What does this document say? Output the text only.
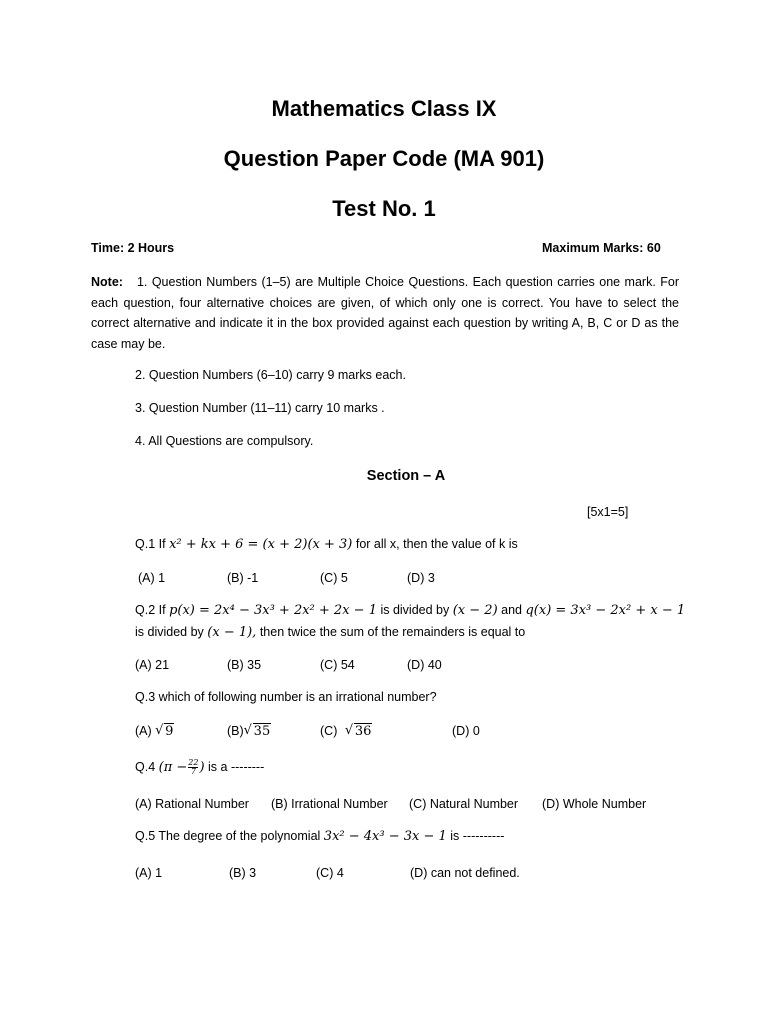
Mathematics Class IX
Question Paper Code (MA 901)
Test No. 1
Time: 2 Hours	Maximum Marks: 60
Note: 1. Question Numbers (1–5) are Multiple Choice Questions. Each question carries one mark. For each question, four alternative choices are given, of which only one is correct. You have to select the correct alternative and indicate it in the box provided against each question by writing A, B, C or D as the case may be.
2. Question Numbers (6–10) carry 9 marks each.
3. Question Number (11–11) carry 10 marks .
4. All Questions are compulsory.
Section – A
[5x1=5]
Q.1 If x² + kx + 6 = (x + 2)(x + 3) for all x, then the value of k is
(A) 1	(B) -1	(C) 5	(D) 3
Q.2 If p(x) = 2x⁴ − 3x³ + 2x² + 2x − 1 is divided by (x − 2) and q(x) = 3x³ − 2x² + x − 1
is divided by (x − 1), then twice the sum of the remainders is equal to
(A) 21	(B) 35	(C) 54	(D) 40
Q.3 which of following number is an irrational number?
(A) √ 9	(B) √ 35	(C) √ 36	(D) 0
Q.4 ($\pi - \frac{22}{7}$ ) is a --------
(A) Rational Number (B) Irrational Number (C) Natural Number (D) Whole Number
Q.5 The degree of the polynomial 3x² − 4x³ − 3x − 1 is ----------
(A) 1	(B) 3	(C) 4	(D) can not defined.
